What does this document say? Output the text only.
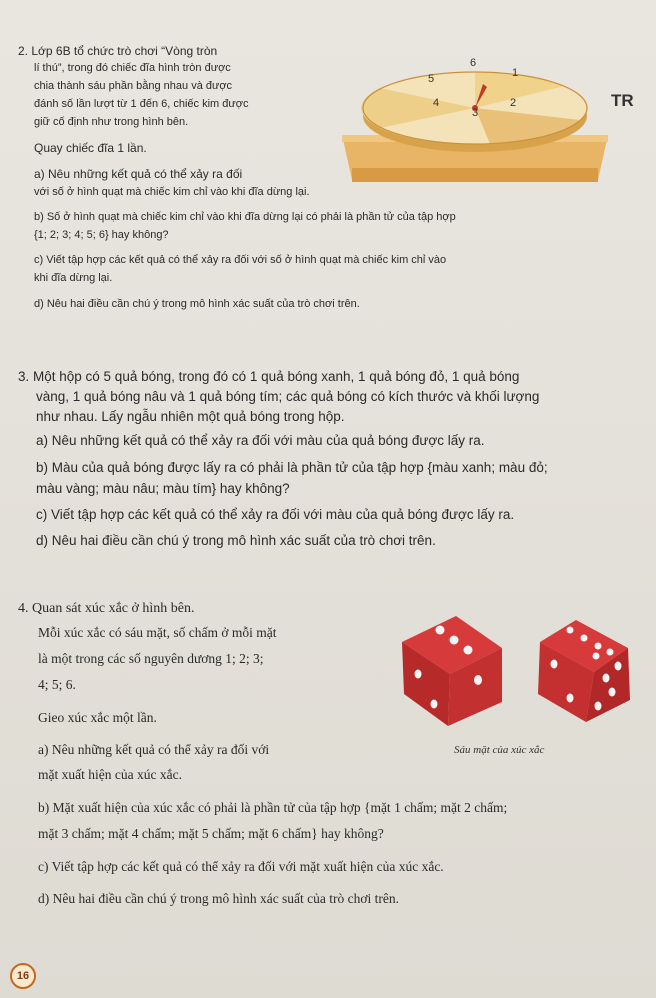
2. Lớp 6B tổ chức trò chơi “Vòng tròn
lí thú”, trong đó chiếc đĩa hình tròn được
chia thành sáu phần bằng nhau và được
đánh số lần lượt từ 1 đến 6, chiếc kim được
giữ cố định như trong hình bên.
Quay chiếc đĩa 1 lần.
a) Nêu những kết quả có thể xảy ra đối
với số ở hình quạt mà chiếc kim chỉ vào khi đĩa dừng lại.
b) Số ở hình quạt mà chiếc kim chỉ vào khi đĩa dừng lại có phải là phần tử của tập hợp
{1; 2; 3; 4; 5; 6} hay không?
c) Viết tập hợp các kết quả có thể xảy ra đối với số ở hình quạt mà chiếc kim chỉ vào
khi đĩa dừng lại.
d) Nêu hai điều cần chú ý trong mô hình xác suất của trò chơi trên.
6
1
5
2
4
3
TR
3. Một hộp có 5 quả bóng, trong đó có 1 quả bóng xanh, 1 quả bóng đỏ, 1 quả bóng
vàng, 1 quả bóng nâu và 1 quả bóng tím; các quả bóng có kích thước và khối lượng
như nhau. Lấy ngẫu nhiên một quả bóng trong hộp.
a) Nêu những kết quả có thể xảy ra đối với màu của quả bóng được lấy ra.
b) Màu của quả bóng được lấy ra có phải là phần tử của tập hợp {màu xanh; màu đỏ;
màu vàng; màu nâu; màu tím} hay không?
c) Viết tập hợp các kết quả có thể xảy ra đối với màu của quả bóng được lấy ra.
d) Nêu hai điều cần chú ý trong mô hình xác suất của trò chơi trên.
4. Quan sát xúc xắc ở hình bên.
Mỗi xúc xắc có sáu mặt, số chấm ở mỗi mặt
là một trong các số nguyên dương 1; 2; 3;
4; 5; 6.
Gieo xúc xắc một lần.
a) Nêu những kết quả có thể xảy ra đối với
mặt xuất hiện của xúc xắc.
Sáu mặt của xúc xắc
b) Mặt xuất hiện của xúc xắc có phải là phần tử của tập hợp {mặt 1 chấm; mặt 2 chấm;
mặt 3 chấm; mặt 4 chấm; mặt 5 chấm; mặt 6 chấm} hay không?
c) Viết tập hợp các kết quả có thể xảy ra đối với mặt xuất hiện của xúc xắc.
d) Nêu hai điều cần chú ý trong mô hình xác suất của trò chơi trên.
16
